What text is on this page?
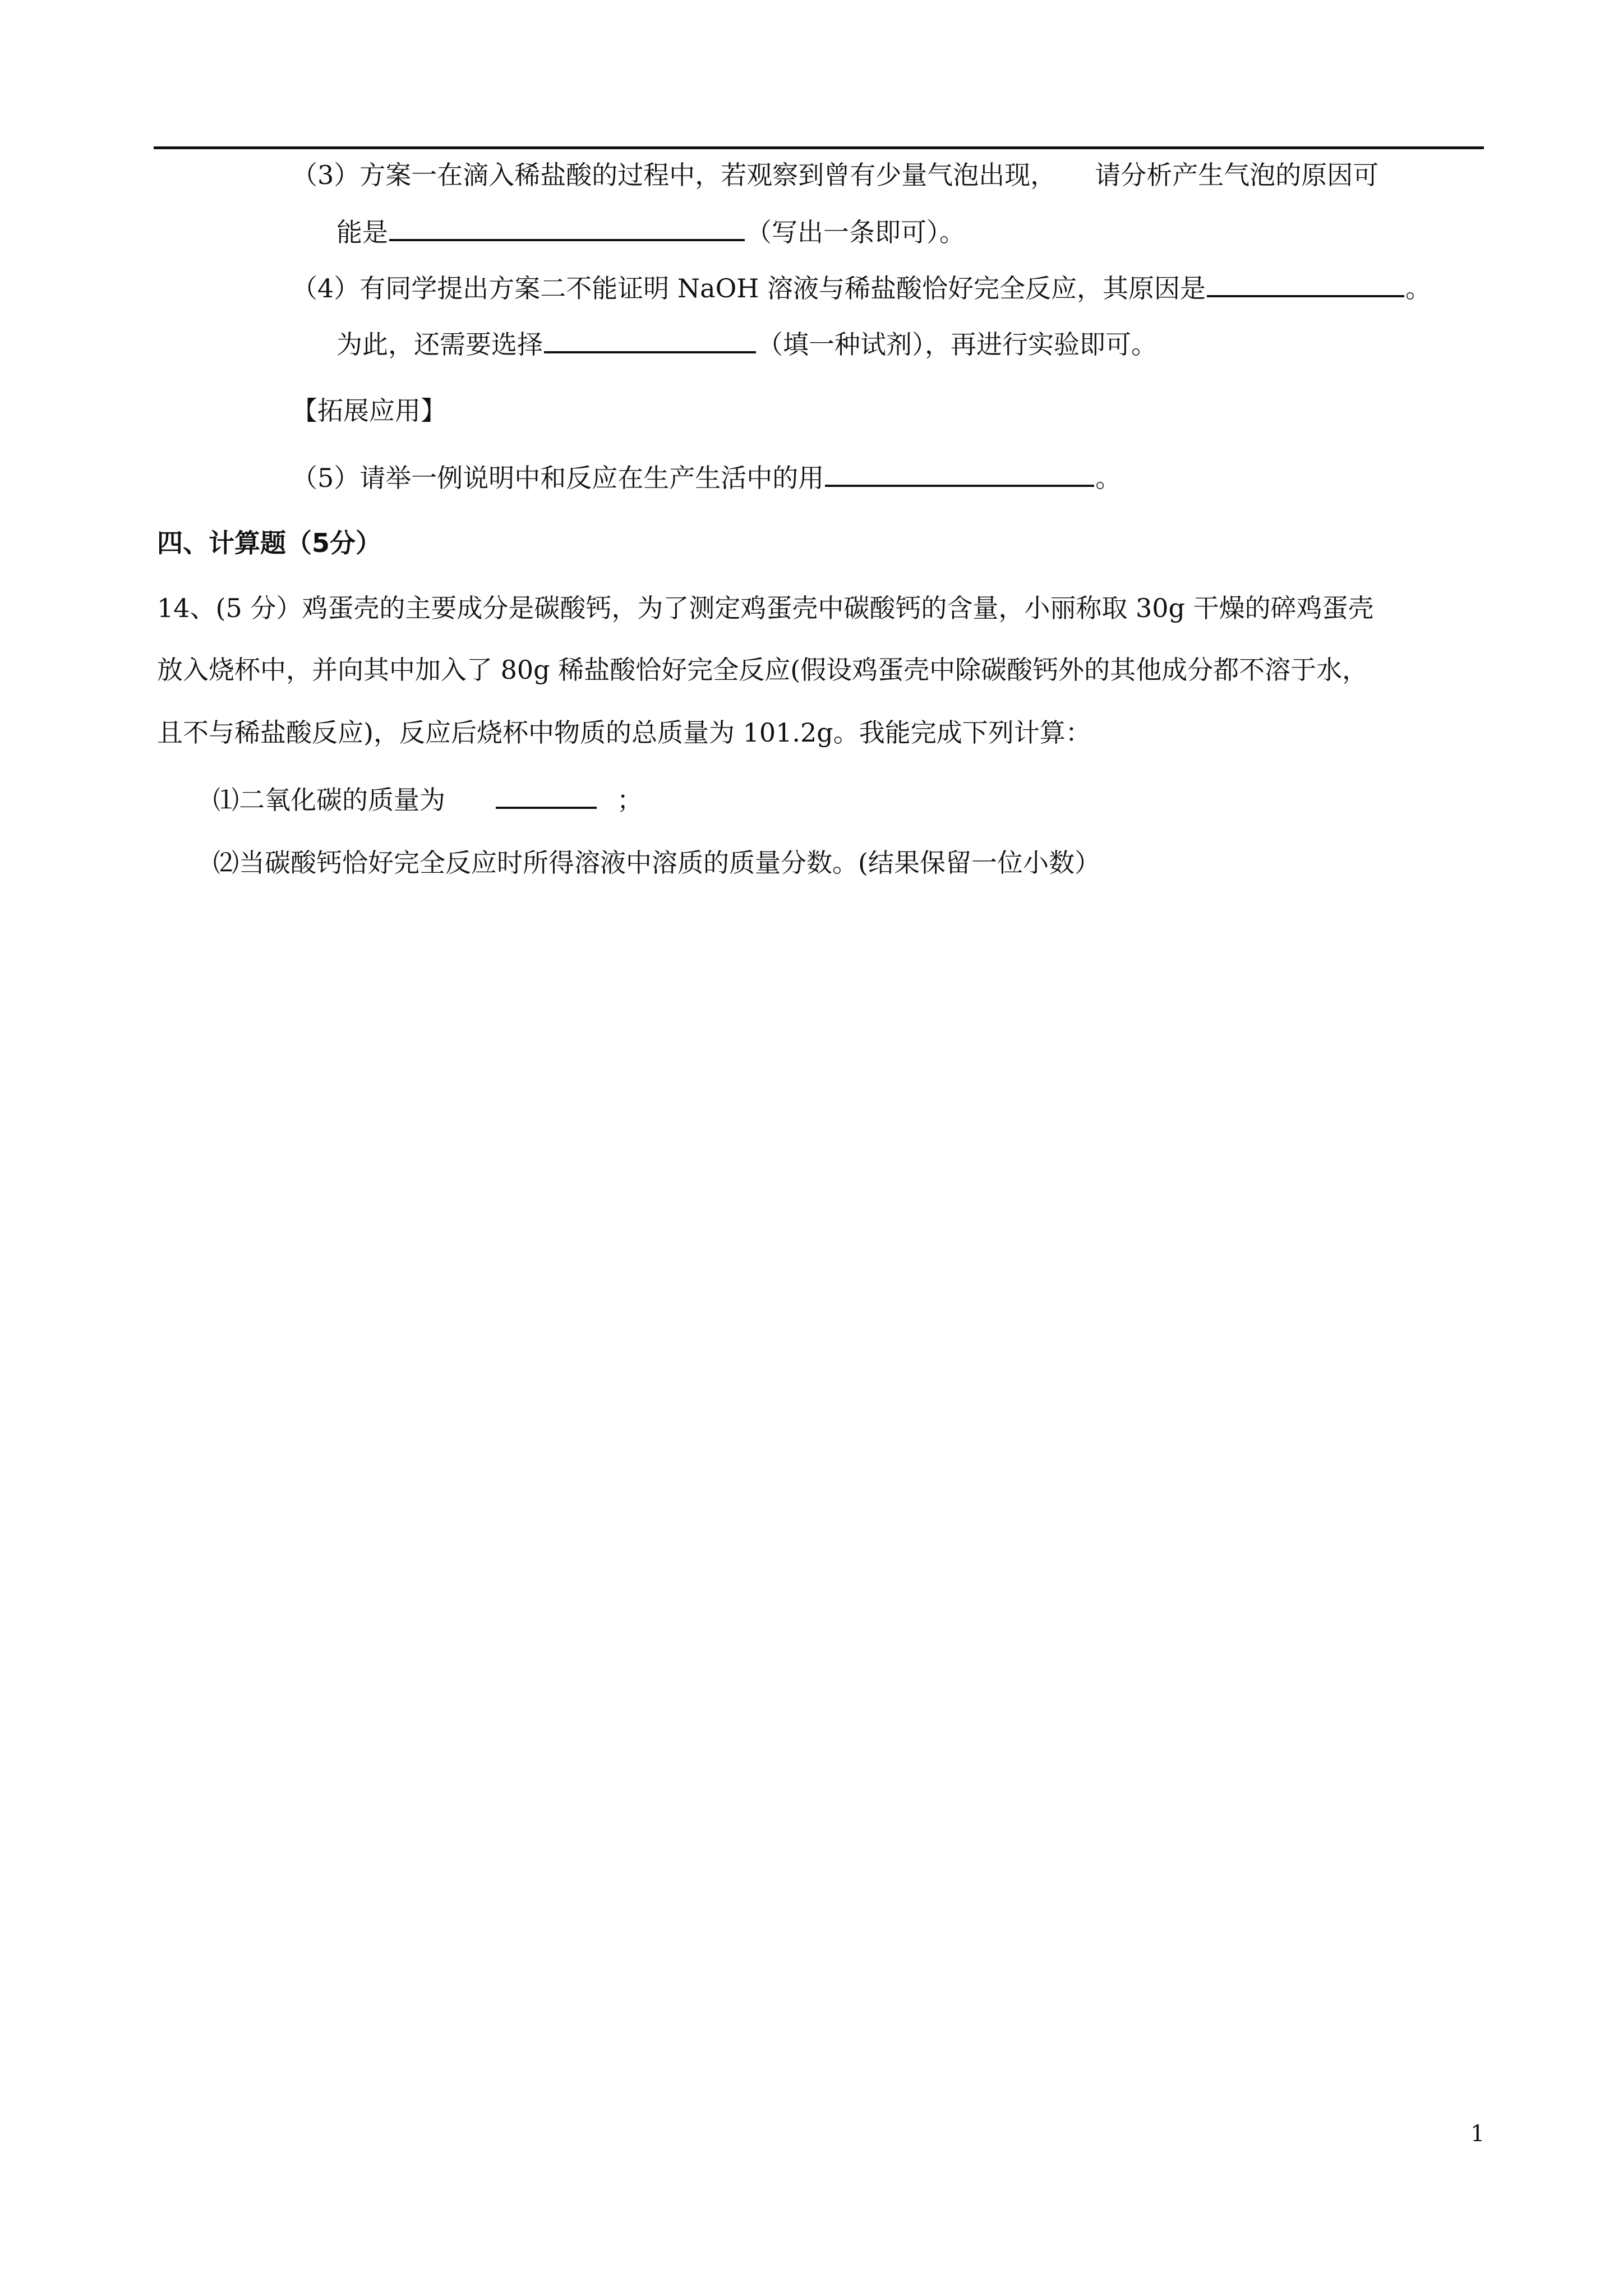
（3）方案一在滴入稀盐酸的过程中，若观察到曾有少量气泡出现，　　请分析产生气泡的原因可
能是	（写出一条即可）。
（4）有同学提出方案二不能证明 NaOH 溶液与稀盐酸恰好完全反应，其原因是	。
为此，还需要选择	（填一种试剂），再进行实验即可。
【拓展应用】
（5）请举一例说明中和反应在生产生活中的用	。
四、计算题（5分）
14、(5 分）鸡蛋壳的主要成分是碳酸钙，为了测定鸡蛋壳中碳酸钙的含量，小丽称取 30g 干燥的碎鸡蛋壳
放入烧杯中，并向其中加入了 80g 稀盐酸恰好完全反应(假设鸡蛋壳中除碳酸钙外的其他成分都不溶于水，
且不与稀盐酸反应)，反应后烧杯中物质的总质量为 101.2g。我能完成下列计算：
⑴二氧化碳的质量为	；
⑵当碳酸钙恰好完全反应时所得溶液中溶质的质量分数。(结果保留一位小数）
1
